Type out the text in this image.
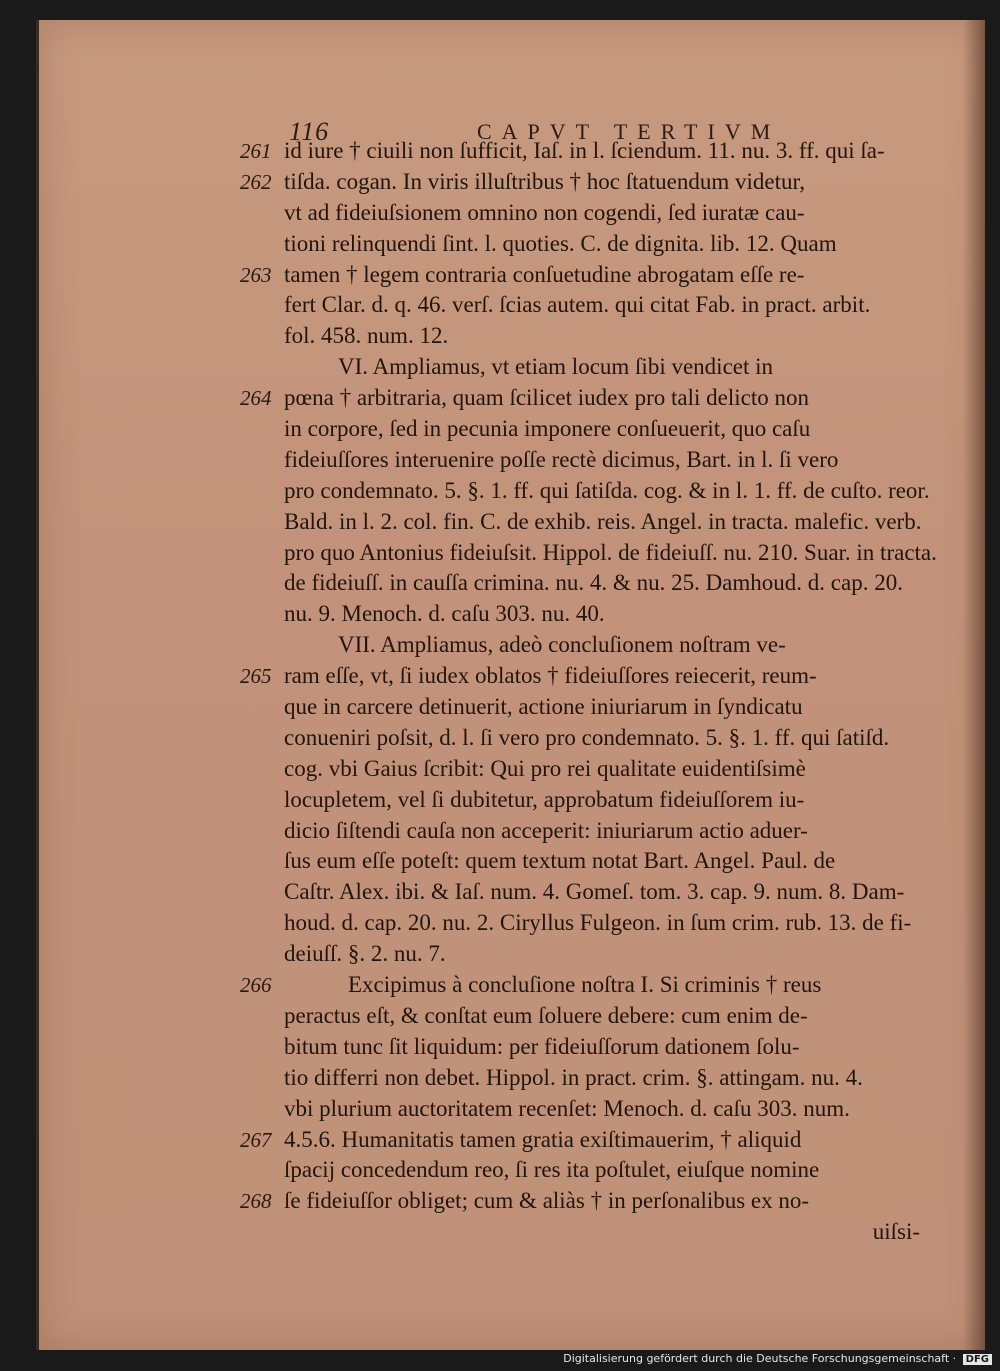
116	CAPVT TERTIVM
261 id iure † ciuili non ſufficit, Iaſ. in l. ſciendum. 11. nu. 3. ff. qui ſa-
262 tiſda. cogan. In viris illuſtribus † hoc ſtatuendum videtur,
vt ad fideiuſsionem omnino non cogendi, ſed iuratæ cau-
tioni relinquendi ſint. l. quoties. C. de dignita. lib. 12. Quam
263 tamen † legem contraria conſuetudine abrogatam eſſe re-
fert Clar. d. q. 46. verſ. ſcias autem. qui citat Fab. in pract. arbit.
fol. 458. num. 12.
VI. Ampliamus, vt etiam locum ſibi vendicet in
264 pœna † arbitraria, quam ſcilicet iudex pro tali delicto non
in corpore, ſed in pecunia imponere conſueuerit, quo caſu
fideiuſſores interuenire poſſe rectè dicimus, Bart. in l. ſi vero
pro condemnato. 5. §. 1. ff. qui ſatiſda. cog. & in l. 1. ff. de cuſto. reor.
Bald. in l. 2. col. fin. C. de exhib. reis. Angel. in tracta. malefic. verb.
pro quo Antonius fideiuſsit. Hippol. de fideiuſſ. nu. 210. Suar. in tracta.
de fideiuſſ. in cauſſa crimina. nu. 4. & nu. 25. Damhoud. d. cap. 20.
nu. 9. Menoch. d. caſu 303. nu. 40.
VII. Ampliamus, adeò concluſionem noſtram ve-
265 ram eſſe, vt, ſi iudex oblatos † fideiuſſores reiecerit, reum-
que in carcere detinuerit, actione iniuriarum in ſyndicatu
conueniri poſsit, d. l. ſi vero pro condemnato. 5. §. 1. ff. qui ſatiſd.
cog. vbi Gaius ſcribit: Qui pro rei qualitate euidentiſsimè
locupletem, vel ſi dubitetur, approbatum fideiuſſorem iu-
dicio ſiſtendi cauſa non acceperit: iniuriarum actio aduer-
ſus eum eſſe poteſt: quem textum notat Bart. Angel. Paul. de
Caſtr. Alex. ibi. & Iaſ. num. 4. Gomeſ. tom. 3. cap. 9. num. 8. Dam-
houd. d. cap. 20. nu. 2. Ciryllus Fulgeon. in ſum crim. rub. 13. de fi-
deiuſſ. §. 2. nu. 7.
266	Excipimus à concluſione noſtra I. Si criminis † reus
peractus eſt, & conſtat eum ſoluere debere: cum enim de-
bitum tunc ſit liquidum: per fideiuſſorum dationem ſolu-
tio differri non debet. Hippol. in pract. crim. §. attingam. nu. 4.
vbi plurium auctoritatem recenſet: Menoch. d. caſu 303. num.
267 4.5.6. Humanitatis tamen gratia exiſtimauerim, † aliquid
ſpacij concedendum reo, ſi res ita poſtulet, eiuſque nomine
268 ſe fideiuſſor obliget; cum & aliàs † in perſonalibus ex no-
uiſsi-
Digitalisierung gefördert durch die Deutsche Forschungsgemeinschaft · DFG
